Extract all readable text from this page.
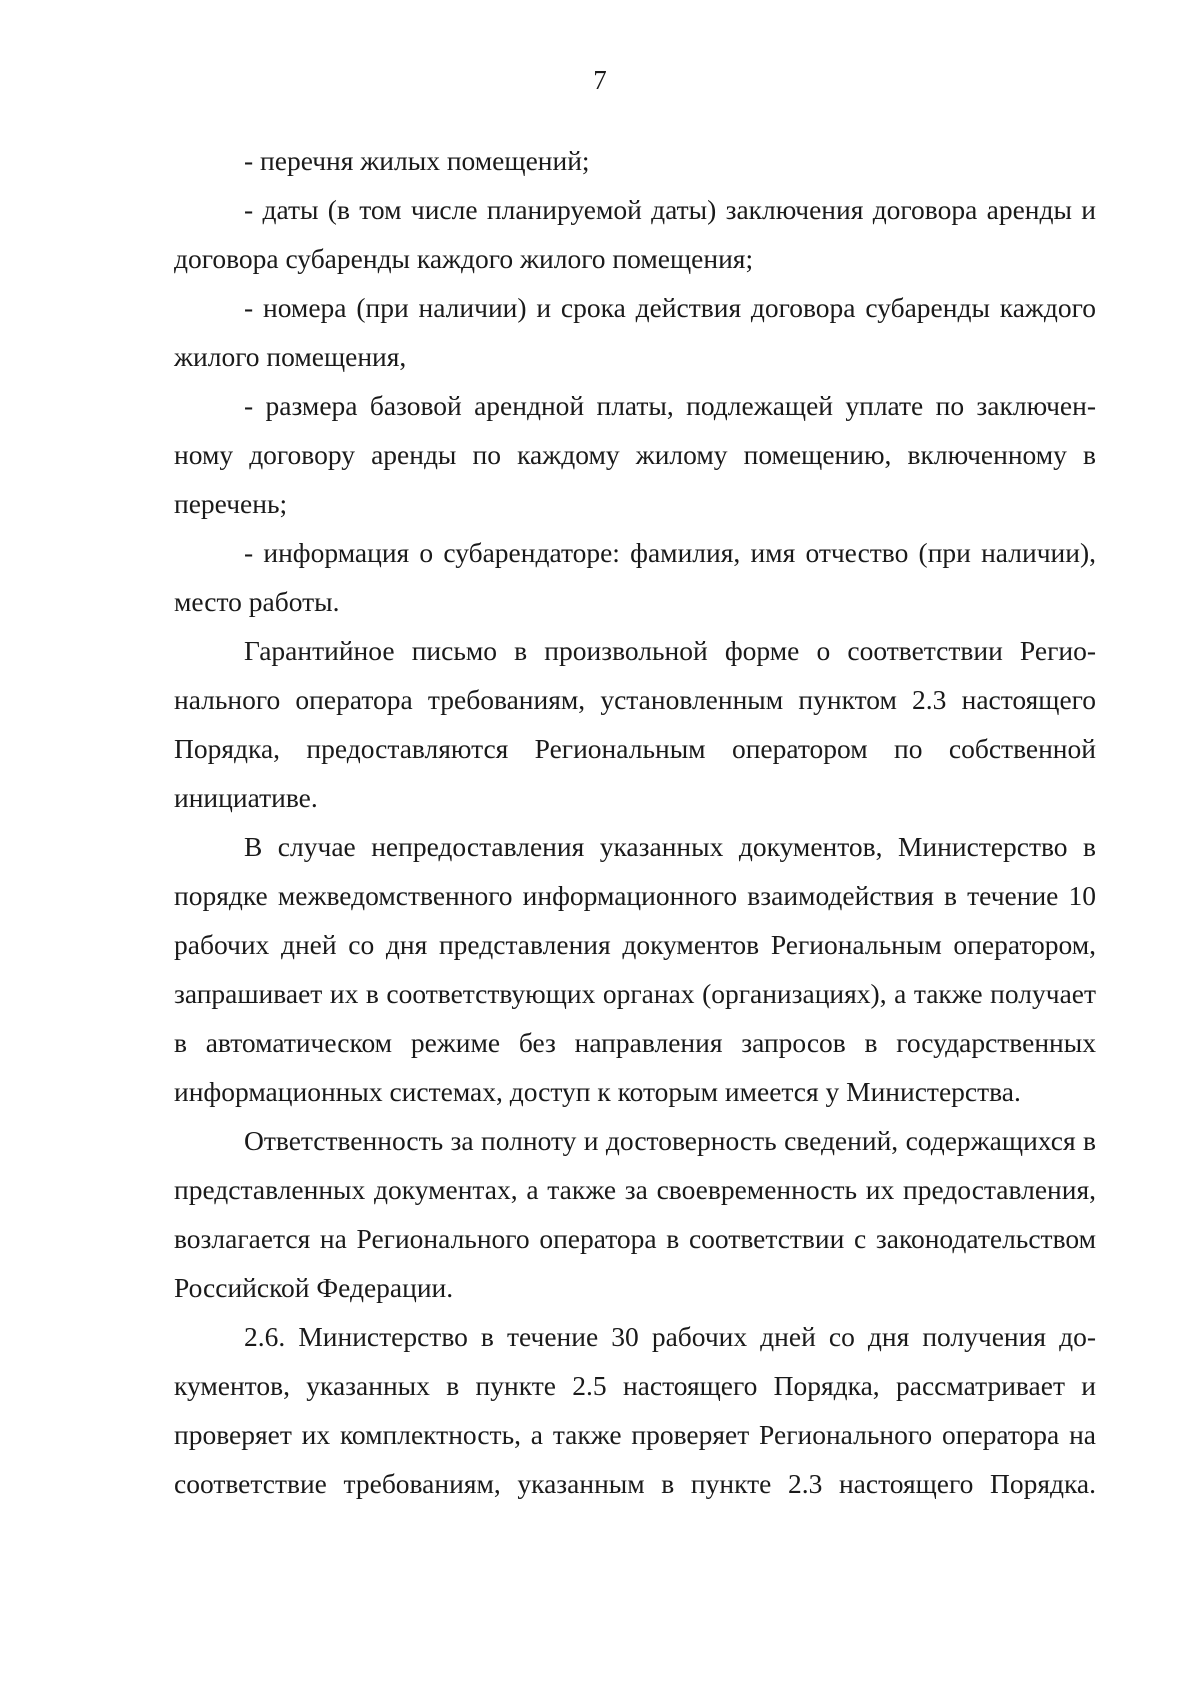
7

- перечня жилых помещений;

- даты (в том числе планируемой даты) заключения договора аренды и договора субаренды каждого жилого помещения;

- номера (при наличии) и срока действия договора субаренды каждого жилого помещения,

- размера базовой арендной платы, подлежащей уплате по заключенному договору аренды по каждому жилому помещению, включенному в перечень;

- информация о субарендаторе: фамилия, имя отчество (при наличии), место работы.

Гарантийное письмо в произвольной форме о соответствии Регионального оператора требованиям, установленным пунктом 2.3 настоящего Порядка, предоставляются Региональным оператором по собственной инициативе.

В случае непредоставления указанных документов, Министерство в порядке межведомственного информационного взаимодействия в течение 10 рабочих дней со дня представления документов Региональным оператором, запрашивает их в соответствующих органах (организациях), а также получает в автоматическом режиме без направления запросов в государственных информационных системах, доступ к которым имеется у Министерства.

Ответственность за полноту и достоверность сведений, содержащихся в представленных документах, а также за своевременность их предоставления, возлагается на Регионального оператора в соответствии с законодательством Российской Федерации.

2.6. Министерство в течение 30 рабочих дней со дня получения документов, указанных в пункте 2.5 настоящего Порядка, рассматривает и проверяет их комплектность, а также проверяет Регионального оператора на соответствие требованиям, указанным в пункте 2.3 настоящего Порядка.
